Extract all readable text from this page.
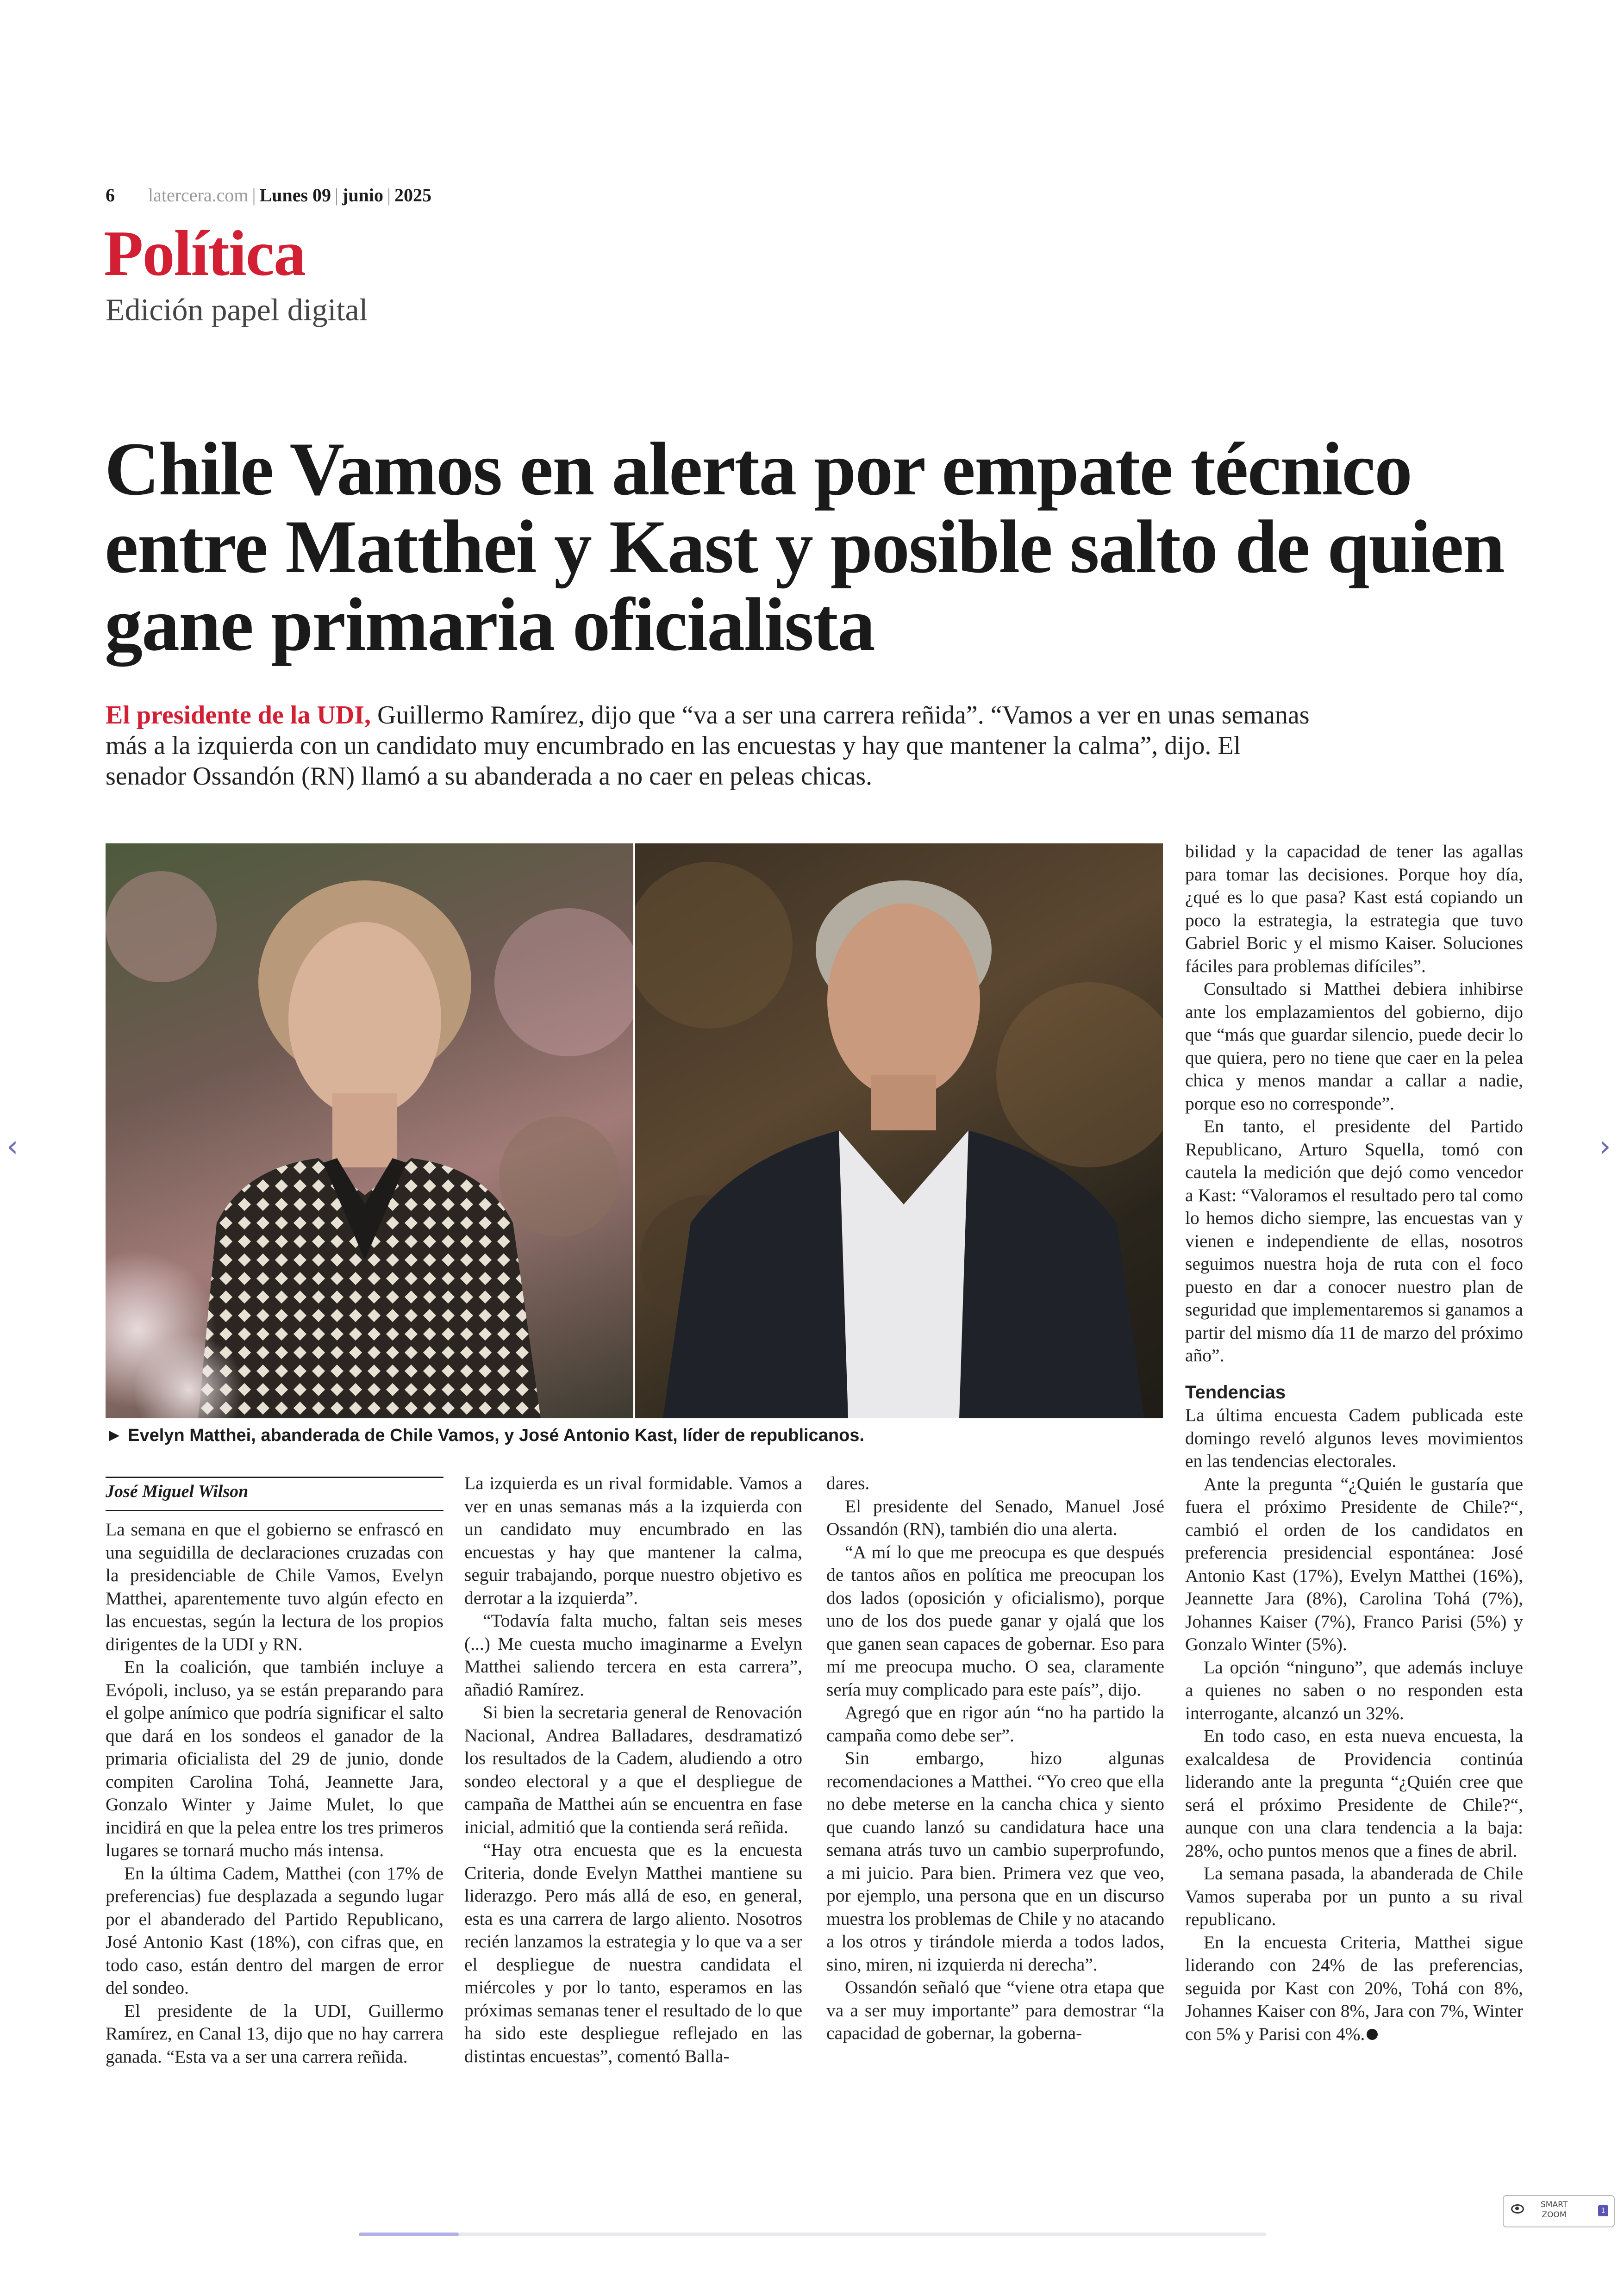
6 latercera.com | Lunes 09 | junio | 2025
Política
Edición papel digital
Chile Vamos en alerta por empate técnico entre Matthei y Kast y posible salto de quien gane primaria oficialista
El presidente de la UDI, Guillermo Ramírez, dijo que “va a ser una carrera reñida”. “Vamos a ver en unas semanas más a la izquierda con un candidato muy encumbrado en las encuestas y hay que mantener la calma”, dijo. El senador Ossandón (RN) llamó a su abanderada a no caer en peleas chicas.
► Evelyn Matthei, abanderada de Chile Vamos, y José Antonio Kast, líder de republicanos.
José Miguel Wilson

La semana en que el gobierno se enfrascó en una seguidilla de declaraciones cruzadas con la presidenciable de Chile Vamos, Evelyn Matthei, aparentemente tuvo algún efecto en las encuestas, según la lectura de los propios dirigentes de la UDI y RN.

En la coalición, que también incluye a Evópoli, incluso, ya se están preparando para el golpe anímico que podría significar el salto que dará en los sondeos el ganador de la primaria oficialista del 29 de junio, donde compiten Carolina Tohá, Jeannette Jara, Gonzalo Winter y Jaime Mulet, lo que incidirá en que la pelea entre los tres primeros lugares se tornará mucho más intensa.

En la última Cadem, Matthei (con 17% de preferencias) fue desplazada a segundo lugar por el abanderado del Partido Republicano, José Antonio Kast (18%), con cifras que, en todo caso, están dentro del margen de error del sondeo.

El presidente de la UDI, Guillermo Ramírez, en Canal 13, dijo que no hay carrera ganada. “Esta va a ser una carrera reñida.

La izquierda es un rival formidable. Vamos a ver en unas semanas más a la izquierda con un candidato muy encumbrado en las encuestas y hay que mantener la calma, seguir trabajando, porque nuestro objetivo es derrotar a la izquierda”.

“Todavía falta mucho, faltan seis meses (...) Me cuesta mucho imaginarme a Evelyn Matthei saliendo tercera en esta carrera”, añadió Ramírez.

Si bien la secretaria general de Renovación Nacional, Andrea Balladares, desdramatizó los resultados de la Cadem, aludiendo a otro sondeo electoral y a que el despliegue de campaña de Matthei aún se encuentra en fase inicial, admitió que la contienda será reñida.

“Hay otra encuesta que es la encuesta Criteria, donde Evelyn Matthei mantiene su liderazgo. Pero más allá de eso, en general, esta es una carrera de largo aliento. Nosotros recién lanzamos la estrategia y lo que va a ser el despliegue de nuestra candidata el miércoles y por lo tanto, esperamos en las próximas semanas tener el resultado de lo que ha sido este despliegue reflejado en las distintas encuestas”, comentó Balla-

dares.

El presidente del Senado, Manuel José Ossandón (RN), también dio una alerta.

“A mí lo que me preocupa es que después de tantos años en política me preocupan los dos lados (oposición y oficialismo), porque uno de los dos puede ganar y ojalá que los que ganen sean capaces de gobernar. Eso para mí me preocupa mucho. O sea, claramente sería muy complicado para este país”, dijo.

Agregó que en rigor aún “no ha partido la campaña como debe ser”.

Sin embargo, hizo algunas recomendaciones a Matthei. “Yo creo que ella no debe meterse en la cancha chica y siento que cuando lanzó su candidatura hace una semana atrás tuvo un cambio superprofundo, a mi juicio. Para bien. Primera vez que veo, por ejemplo, una persona que en un discurso muestra los problemas de Chile y no atacando a los otros y tirándole mierda a todos lados, sino, miren, ni izquierda ni derecha”.

Ossandón señaló que “viene otra etapa que va a ser muy importante” para demostrar “la capacidad de gobernar, la goberna-

bilidad y la capacidad de tener las agallas para tomar las decisiones. Porque hoy día, ¿qué es lo que pasa? Kast está copiando un poco la estrategia, la estrategia que tuvo Gabriel Boric y el mismo Kaiser. Soluciones fáciles para problemas difíciles”.

Consultado si Matthei debiera inhibirse ante los emplazamientos del gobierno, dijo que “más que guardar silencio, puede decir lo que quiera, pero no tiene que caer en la pelea chica y menos mandar a callar a nadie, porque eso no corresponde”.

En tanto, el presidente del Partido Republicano, Arturo Squella, tomó con cautela la medición que dejó como vencedor a Kast: “Valoramos el resultado pero tal como lo hemos dicho siempre, las encuestas van y vienen e independiente de ellas, nosotros seguimos nuestra hoja de ruta con el foco puesto en dar a conocer nuestro plan de seguridad que implementaremos si ganamos a partir del mismo día 11 de marzo del próximo año”.

Tendencias

La última encuesta Cadem publicada este domingo reveló algunos leves movimientos en las tendencias electorales.

Ante la pregunta “¿Quién le gustaría que fuera el próximo Presidente de Chile?“, cambió el orden de los candidatos en preferencia presidencial espontánea: José Antonio Kast (17%), Evelyn Matthei (16%), Jeannette Jara (8%), Carolina Tohá (7%), Johannes Kaiser (7%), Franco Parisi (5%) y Gonzalo Winter (5%).

La opción “ninguno”, que además incluye a quienes no saben o no responden esta interrogante, alcanzó un 32%.

En todo caso, en esta nueva encuesta, la exalcaldesa de Providencia continúa liderando ante la pregunta “¿Quién cree que será el próximo Presidente de Chile?“, aunque con una clara tendencia a la baja: 28%, ocho puntos menos que a fines de abril.

La semana pasada, la abanderada de Chile Vamos superaba por un punto a su rival republicano.

En la encuesta Criteria, Matthei sigue liderando con 24% de las preferencias, seguida por Kast con 20%, Tohá con 8%, Johannes Kaiser con 8%, Jara con 7%, Winter con 5% y Parisi con 4%.

‹	›
SMART
ZOOM	1
